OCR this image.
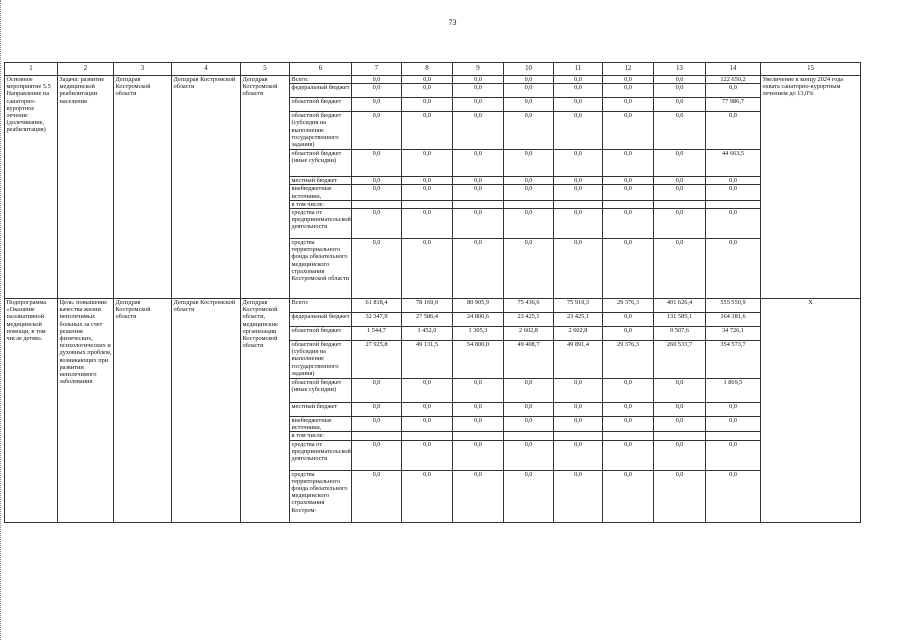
73
1	2	3	4	5	6	7	8	9	10	11	12	13	14	15
Основное мероприятие 5.5 Направление на санаторно-курортное лечение (долечивание, реабилитация)	Задача: развитие медицинской реабилитации населения	Депздрав Костромской области	Депздрав Костромской области	Депздрав Костромской области	Всего:	0,0	0,0	0,0	0,0	0,0	0,0	0,0	122 650,2	Увеличение к концу 2024 года охвата санаторно-курортным лечением до 13,0%
					федеральный бюджет	0,0	0,0	0,0	0,0	0,0	0,0	0,0	0,0	
					областной бюджет	0,0	0,0	0,0	0,0	0,0	0,0	0,0	77 986,7	
					областной бюджет (субсидия на выполнение государственного задания)	0,0	0,0	0,0	0,0	0,0	0,0	0,0	0,0	
					областной бюджет (иные субсидии)	0,0	0,0	0,0	0,0	0,0	0,0	0,0	44 663,5	
					местный бюджет	0,0	0,0	0,0	0,0	0,0	0,0	0,0	0,0	
					внебюджетные источники,	0,0	0,0	0,0	0,0	0,0	0,0	0,0	0,0	
					в том числе:									
					средства от предпринимательской деятельности	0,0	0,0	0,0	0,0	0,0	0,0	0,0	0,0	
					средства территориального фонда обязательного медицинского страхования Костромской области	0,0	0,0	0,0	0,0	0,0	0,0	0,0	0,0	
Подпрограмма «Оказание паллиативной медицинской помощи, в том числе детям»	Цель: повышение качества жизни неизлечимых больных за счет решения физических, психологических и духовных проблем, возникающих при развитии неизлечимого заболевания	Депздрав Костромской области	Депздрав Костромской области	Депздрав Костромской области, медицинские организации Костромской области	Всего:	61 818,4	78 169,9	80 905,9	75 436,6	75 919,3	29 376,3	401 626,4	555 550,9	Х
					федеральный бюджет	32 347,9	27 586,4	24 800,6	23 425,1	23 425,1	0,0	131 585,1	164 381,6	
					областной бюджет	1 544,7	1 452,0	1 305,3	2 602,8	2 602,8	0,0	9 507,6	34 726,1	
					областной бюджет (субсидия на выполнение государственного задания)	27 925,8	49 131,5	54 800,0	49 408,7	49 891,4	29 376,3	260 533,7	354 573,7	
					областной бюджет (иные субсидии)	0,0	0,0	0,0	0,0	0,0	0,0	0,0	1 869,5	
					местный бюджет	0,0	0,0	0,0	0,0	0,0	0,0	0,0	0,0	
					внебюджетные источники,	0,0	0,0	0,0	0,0	0,0	0,0	0,0	0,0	
					в том числе:									
					средства от предпринимательской деятельности	0,0	0,0	0,0	0,0	0,0	0,0	0,0	0,0	
					средства территориального фонда обязательного медицинского страхования Костром-	0,0	0,0	0,0	0,0	0,0	0,0	0,0	0,0	
